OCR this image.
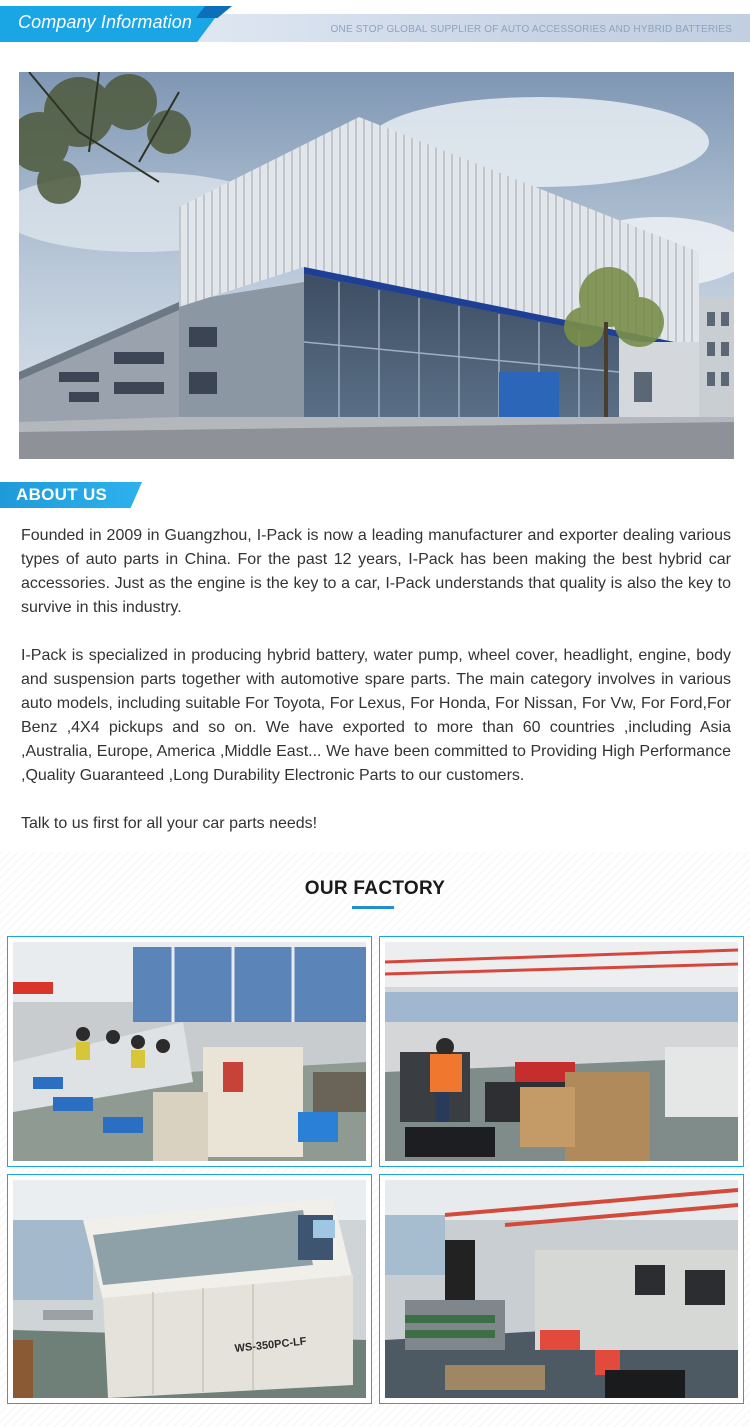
Company Information	ONE STOP GLOBAL SUPPLIER OF AUTO ACCESSORIES AND HYBRID BATTERIES
ABOUT US

Founded in 2009 in Guangzhou, I-Pack is now a leading manufacturer and exporter dealing various types of auto parts in China. For the past 12 years, I-Pack has been making the best hybrid car accessories. Just as the engine is the key to a car, I-Pack understands that quality is also the key to survive in this industry.

I-Pack is specialized in producing hybrid battery, water pump, wheel cover, headlight, engine, body and suspension parts together with automotive spare parts. The main category involves in various auto models, including suitable For Toyota, For Lexus, For Honda, For Nissan, For Vw, For Ford,For Benz ,4X4 pickups and so on. We have exported to more than 60 countries ,including Asia ,Australia, Europe, America ,Middle East... We have been committed to Providing High Performance ,Quality Guaranteed ,Long Durability Electronic Parts to our customers.

Talk to us first for all your car parts needs!

OUR FACTORY
WS-350PC-LF
